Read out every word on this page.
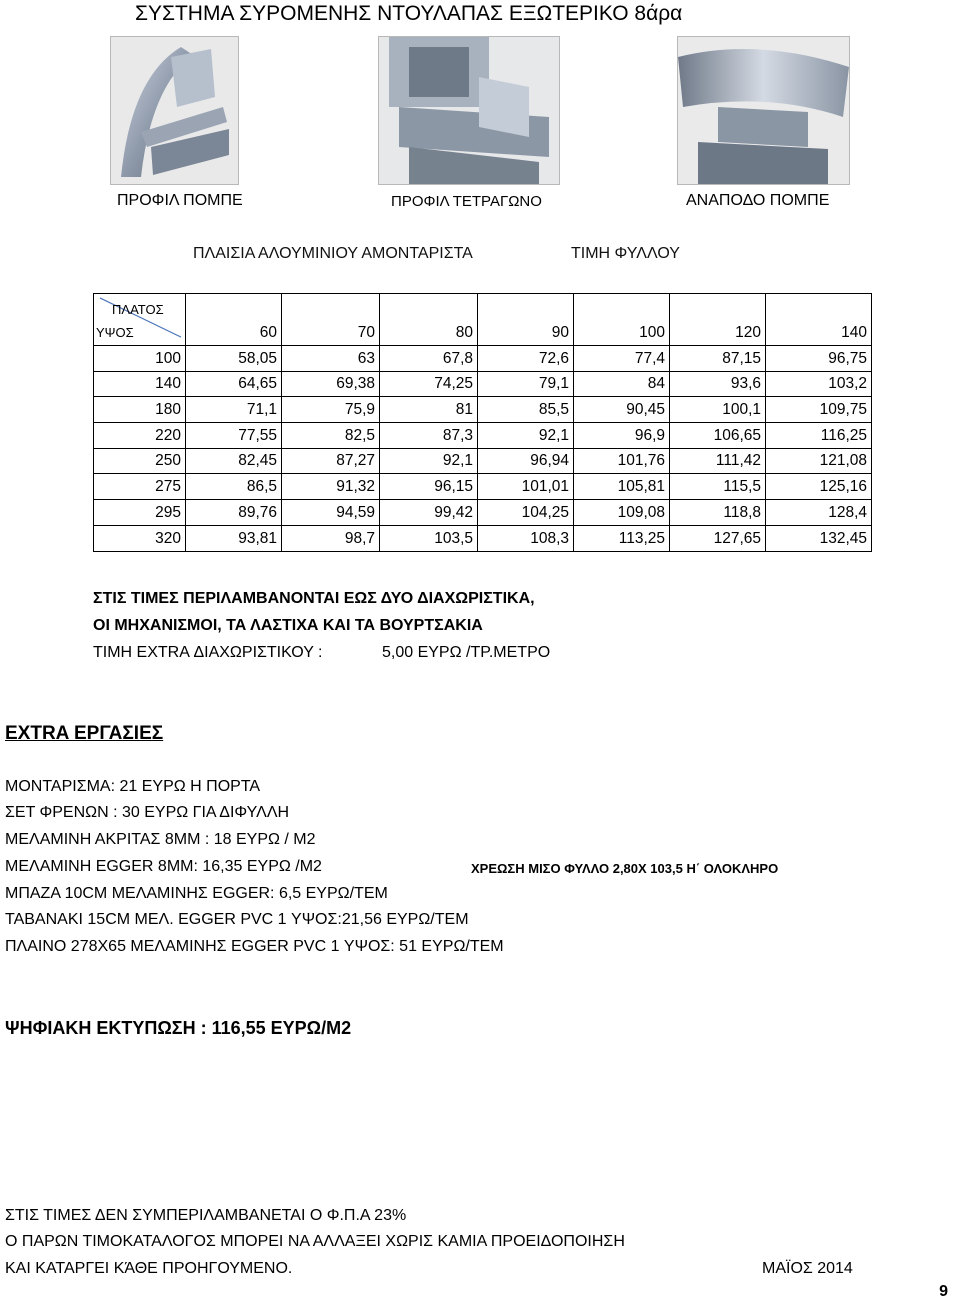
ΣΥΣΤΗΜΑ ΣΥΡΟΜΕΝΗΣ ΝΤΟΥΛΑΠΑΣ ΕΞΩΤΕΡΙΚΟ 8άρα
ΠΡΟΦΙΛ ΠΟΜΠΕ	ΠΡΟΦΙΛ ΤΕΤΡΑΓΩΝΟ	ΑΝΑΠΟΔΟ ΠΟΜΠΕ
ΠΛΑΙΣΙΑ ΑΛΟΥΜΙΝΙΟΥ ΑΜΟΝΤΑΡΙΣΤΑ	ΤΙΜΗ ΦΥΛΛΟΥ
ΠΛΑΤΟΣ
ΥΨΟΣ	60	70	80	90	100	120	140
100	58,05	63	67,8	72,6	77,4	87,15	96,75
140	64,65	69,38	74,25	79,1	84	93,6	103,2
180	71,1	75,9	81	85,5	90,45	100,1	109,75
220	77,55	82,5	87,3	92,1	96,9	106,65	116,25
250	82,45	87,27	92,1	96,94	101,76	111,42	121,08
275	86,5	91,32	96,15	101,01	105,81	115,5	125,16
295	89,76	94,59	99,42	104,25	109,08	118,8	128,4
320	93,81	98,7	103,5	108,3	113,25	127,65	132,45
ΣΤΙΣ ΤΙΜΕΣ ΠΕΡΙΛΑΜΒΑΝΟΝΤΑΙ ΕΩΣ ΔΥΟ ΔΙΑΧΩΡΙΣΤΙΚΑ,
ΟΙ ΜΗΧΑΝΙΣΜΟΙ, ΤΑ ΛΑΣΤΙΧΑ ΚΑΙ ΤΑ ΒΟΥΡΤΣΑΚΙΑ
ΤΙΜΗ EXTRA ΔΙΑΧΩΡΙΣΤΙΚΟΥ :	5,00 ΕΥΡΩ /ΤΡ.ΜΕΤΡΟ
EXTRA ΕΡΓΑΣΙΕΣ
ΜΟΝΤΑΡΙΣΜΑ: 21 ΕΥΡΩ Η ΠΟΡΤΑ
ΣΕΤ ΦΡΕΝΩΝ : 30 ΕΥΡΩ ΓΙΑ ΔΙΦΥΛΛΗ
ΜΕΛΑΜΙΝΗ ΑΚΡΙΤΑΣ 8ΜΜ : 18 ΕΥΡΩ / Μ2
ΜΕΛΑΜΙΝΗ EGGER 8ΜΜ: 16,35 ΕΥΡΩ /Μ2
ΜΠΑΖΑ 10CM ΜΕΛΑΜΙΝΗΣ EGGER: 6,5 ΕΥΡΩ/ΤΕΜ
ΤΑΒΑΝΑΚΙ 15CM ΜΕΛ. EGGER PVC 1 ΥΨΟΣ:21,56 ΕΥΡΩ/ΤΕΜ
ΠΛΑΙΝΟ 278Χ65 ΜΕΛΑΜΙΝΗΣ EGGER PVC 1 ΥΨΟΣ: 51 ΕΥΡΩ/ΤΕΜ
ΧΡΕΩΣΗ ΜΙΣΟ ΦΥΛΛΟ 2,80Χ 103,5 Η΄ ΟΛΟΚΛΗΡΟ
ΨΗΦΙΑΚΗ ΕΚΤΥΠΩΣΗ : 116,55 ΕΥΡΩ/Μ2
ΣΤΙΣ ΤΙΜΕΣ ΔΕΝ ΣΥΜΠΕΡΙΛΑΜΒΑΝΕΤΑΙ Ο Φ.Π.Α 23%
Ο ΠΑΡΩΝ ΤΙΜΟΚΑΤΑΛΟΓΟΣ ΜΠΟΡΕΙ ΝΑ ΑΛΛΑΞΕΙ ΧΩΡΙΣ ΚΑΜΙΑ ΠΡΟΕΙΔΟΠΟΙΗΣΗ
ΚΑΙ ΚΑΤΑΡΓΕΙ ΚΆΘΕ ΠΡΟΗΓΟΥΜΕΝΟ.	ΜΑΪΟΣ 2014
9
